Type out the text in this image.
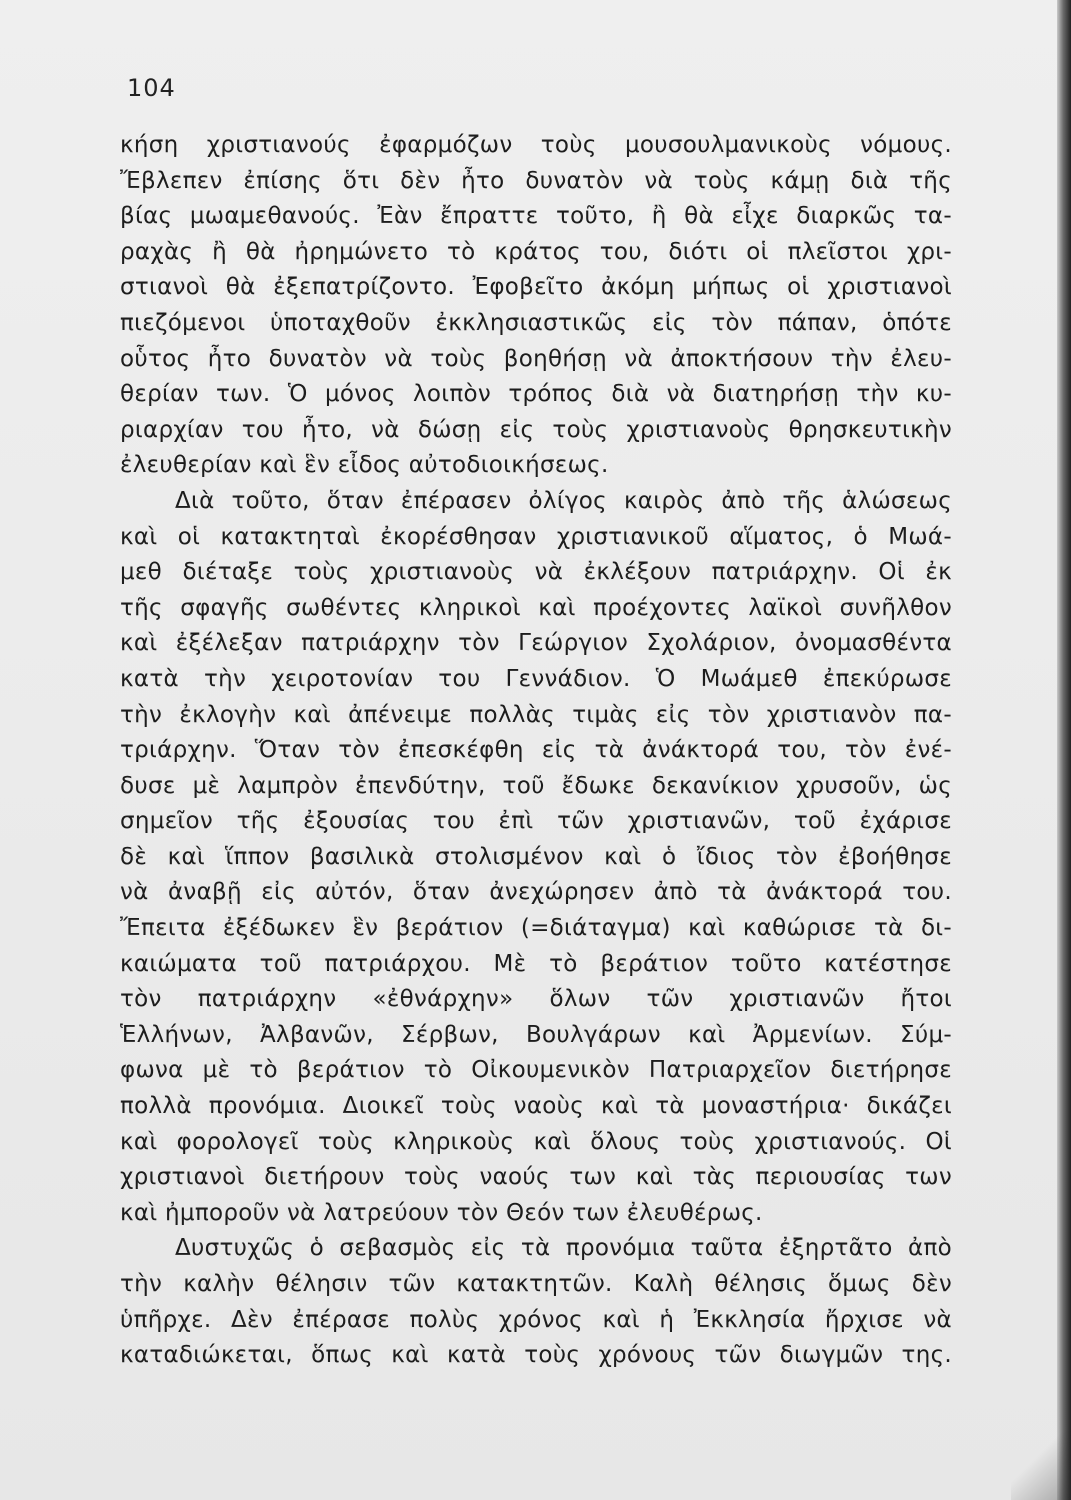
104
κήση χριστιανούς ἐφαρμόζων τοὺς μουσουλμανικοὺς νόμους.
Ἔβλεπεν ἐπίσης ὅτι δὲν ἦτο δυνατὸν νὰ τοὺς κάμῃ διὰ τῆς
βίας μωαμεθανούς. Ἐὰν ἔπραττε τοῦτο, ἢ θὰ εἶχε διαρκῶς τα-
ραχὰς ἢ θὰ ἠρημώνετο τὸ κράτος του, διότι οἱ πλεῖστοι χρι-
στιανοὶ θὰ ἐξεπατρίζοντο. Ἐφοβεῖτο ἀκόμη μήπως οἱ χριστιανοὶ
πιεζόμενοι ὑποταχθοῦν ἐκκλησιαστικῶς εἰς τὸν πάπαν, ὁπότε
οὗτος ἦτο δυνατὸν νὰ τοὺς βοηθήσῃ νὰ ἀποκτήσουν τὴν ἐλευ-
θερίαν των. Ὁ μόνος λοιπὸν τρόπος διὰ νὰ διατηρήσῃ τὴν κυ-
ριαρχίαν του ἦτο, νὰ δώσῃ εἰς τοὺς χριστιανοὺς θρησκευτικὴν
ἐλευθερίαν καὶ ἓν εἶδος αὐτοδιοικήσεως.
Διὰ τοῦτο, ὅταν ἐπέρασεν ὀλίγος καιρὸς ἀπὸ τῆς ἁλώσεως
καὶ οἱ κατακτηταὶ ἐκορέσθησαν χριστιανικοῦ αἵματος, ὁ Μωά-
μεθ διέταξε τοὺς χριστιανοὺς νὰ ἐκλέξουν πατριάρχην. Οἱ ἐκ
τῆς σφαγῆς σωθέντες κληρικοὶ καὶ προέχοντες λαϊκοὶ συνῆλθον
καὶ ἐξέλεξαν πατριάρχην τὸν Γεώργιον Σχολάριον, ὀνομασθέντα
κατὰ τὴν χειροτονίαν του Γεννάδιον. Ὁ Μωάμεθ ἐπεκύρωσε
τὴν ἐκλογὴν καὶ ἀπένειμε πολλὰς τιμὰς εἰς τὸν χριστιανὸν πα-
τριάρχην. Ὅταν τὸν ἐπεσκέφθη εἰς τὰ ἀνάκτορά του, τὸν ἐνέ-
δυσε μὲ λαμπρὸν ἐπενδύτην, τοῦ ἔδωκε δεκανίκιον χρυσοῦν, ὡς
σημεῖον τῆς ἐξουσίας του ἐπὶ τῶν χριστιανῶν, τοῦ ἐχάρισε
δὲ καὶ ἵππον βασιλικὰ στολισμένον καὶ ὁ ἴδιος τὸν ἐβοήθησε
νὰ ἀναβῇ εἰς αὐτόν, ὅταν ἀνεχώρησεν ἀπὸ τὰ ἀνάκτορά του.
Ἔπειτα ἐξέδωκεν ἓν βεράτιον (=διάταγμα) καὶ καθώρισε τὰ δι-
καιώματα τοῦ πατριάρχου. Μὲ τὸ βεράτιον τοῦτο κατέστησε
τὸν πατριάρχην «ἐθνάρχην» ὅλων τῶν χριστιανῶν ἤτοι
Ἑλλήνων, Ἀλβανῶν, Σέρβων, Βουλγάρων καὶ Ἀρμενίων. Σύμ-
φωνα μὲ τὸ βεράτιον τὸ Οἰκουμενικὸν Πατριαρχεῖον διετήρησε
πολλὰ προνόμια. Διοικεῖ τοὺς ναοὺς καὶ τὰ μοναστήρια· δικάζει
καὶ φορολογεῖ τοὺς κληρικοὺς καὶ ὅλους τοὺς χριστιανούς. Οἱ
χριστιανοὶ διετήρουν τοὺς ναούς των καὶ τὰς περιουσίας των
καὶ ἠμποροῦν νὰ λατρεύουν τὸν Θεόν των ἐλευθέρως.
Δυστυχῶς ὁ σεβασμὸς εἰς τὰ προνόμια ταῦτα ἐξηρτᾶτο ἀπὸ
τὴν καλὴν θέλησιν τῶν κατακτητῶν. Καλὴ θέλησις ὅμως δὲν
ὑπῆρχε. Δὲν ἐπέρασε πολὺς χρόνος καὶ ἡ Ἐκκλησία ἤρχισε νὰ
καταδιώκεται, ὅπως καὶ κατὰ τοὺς χρόνους τῶν διωγμῶν της.
